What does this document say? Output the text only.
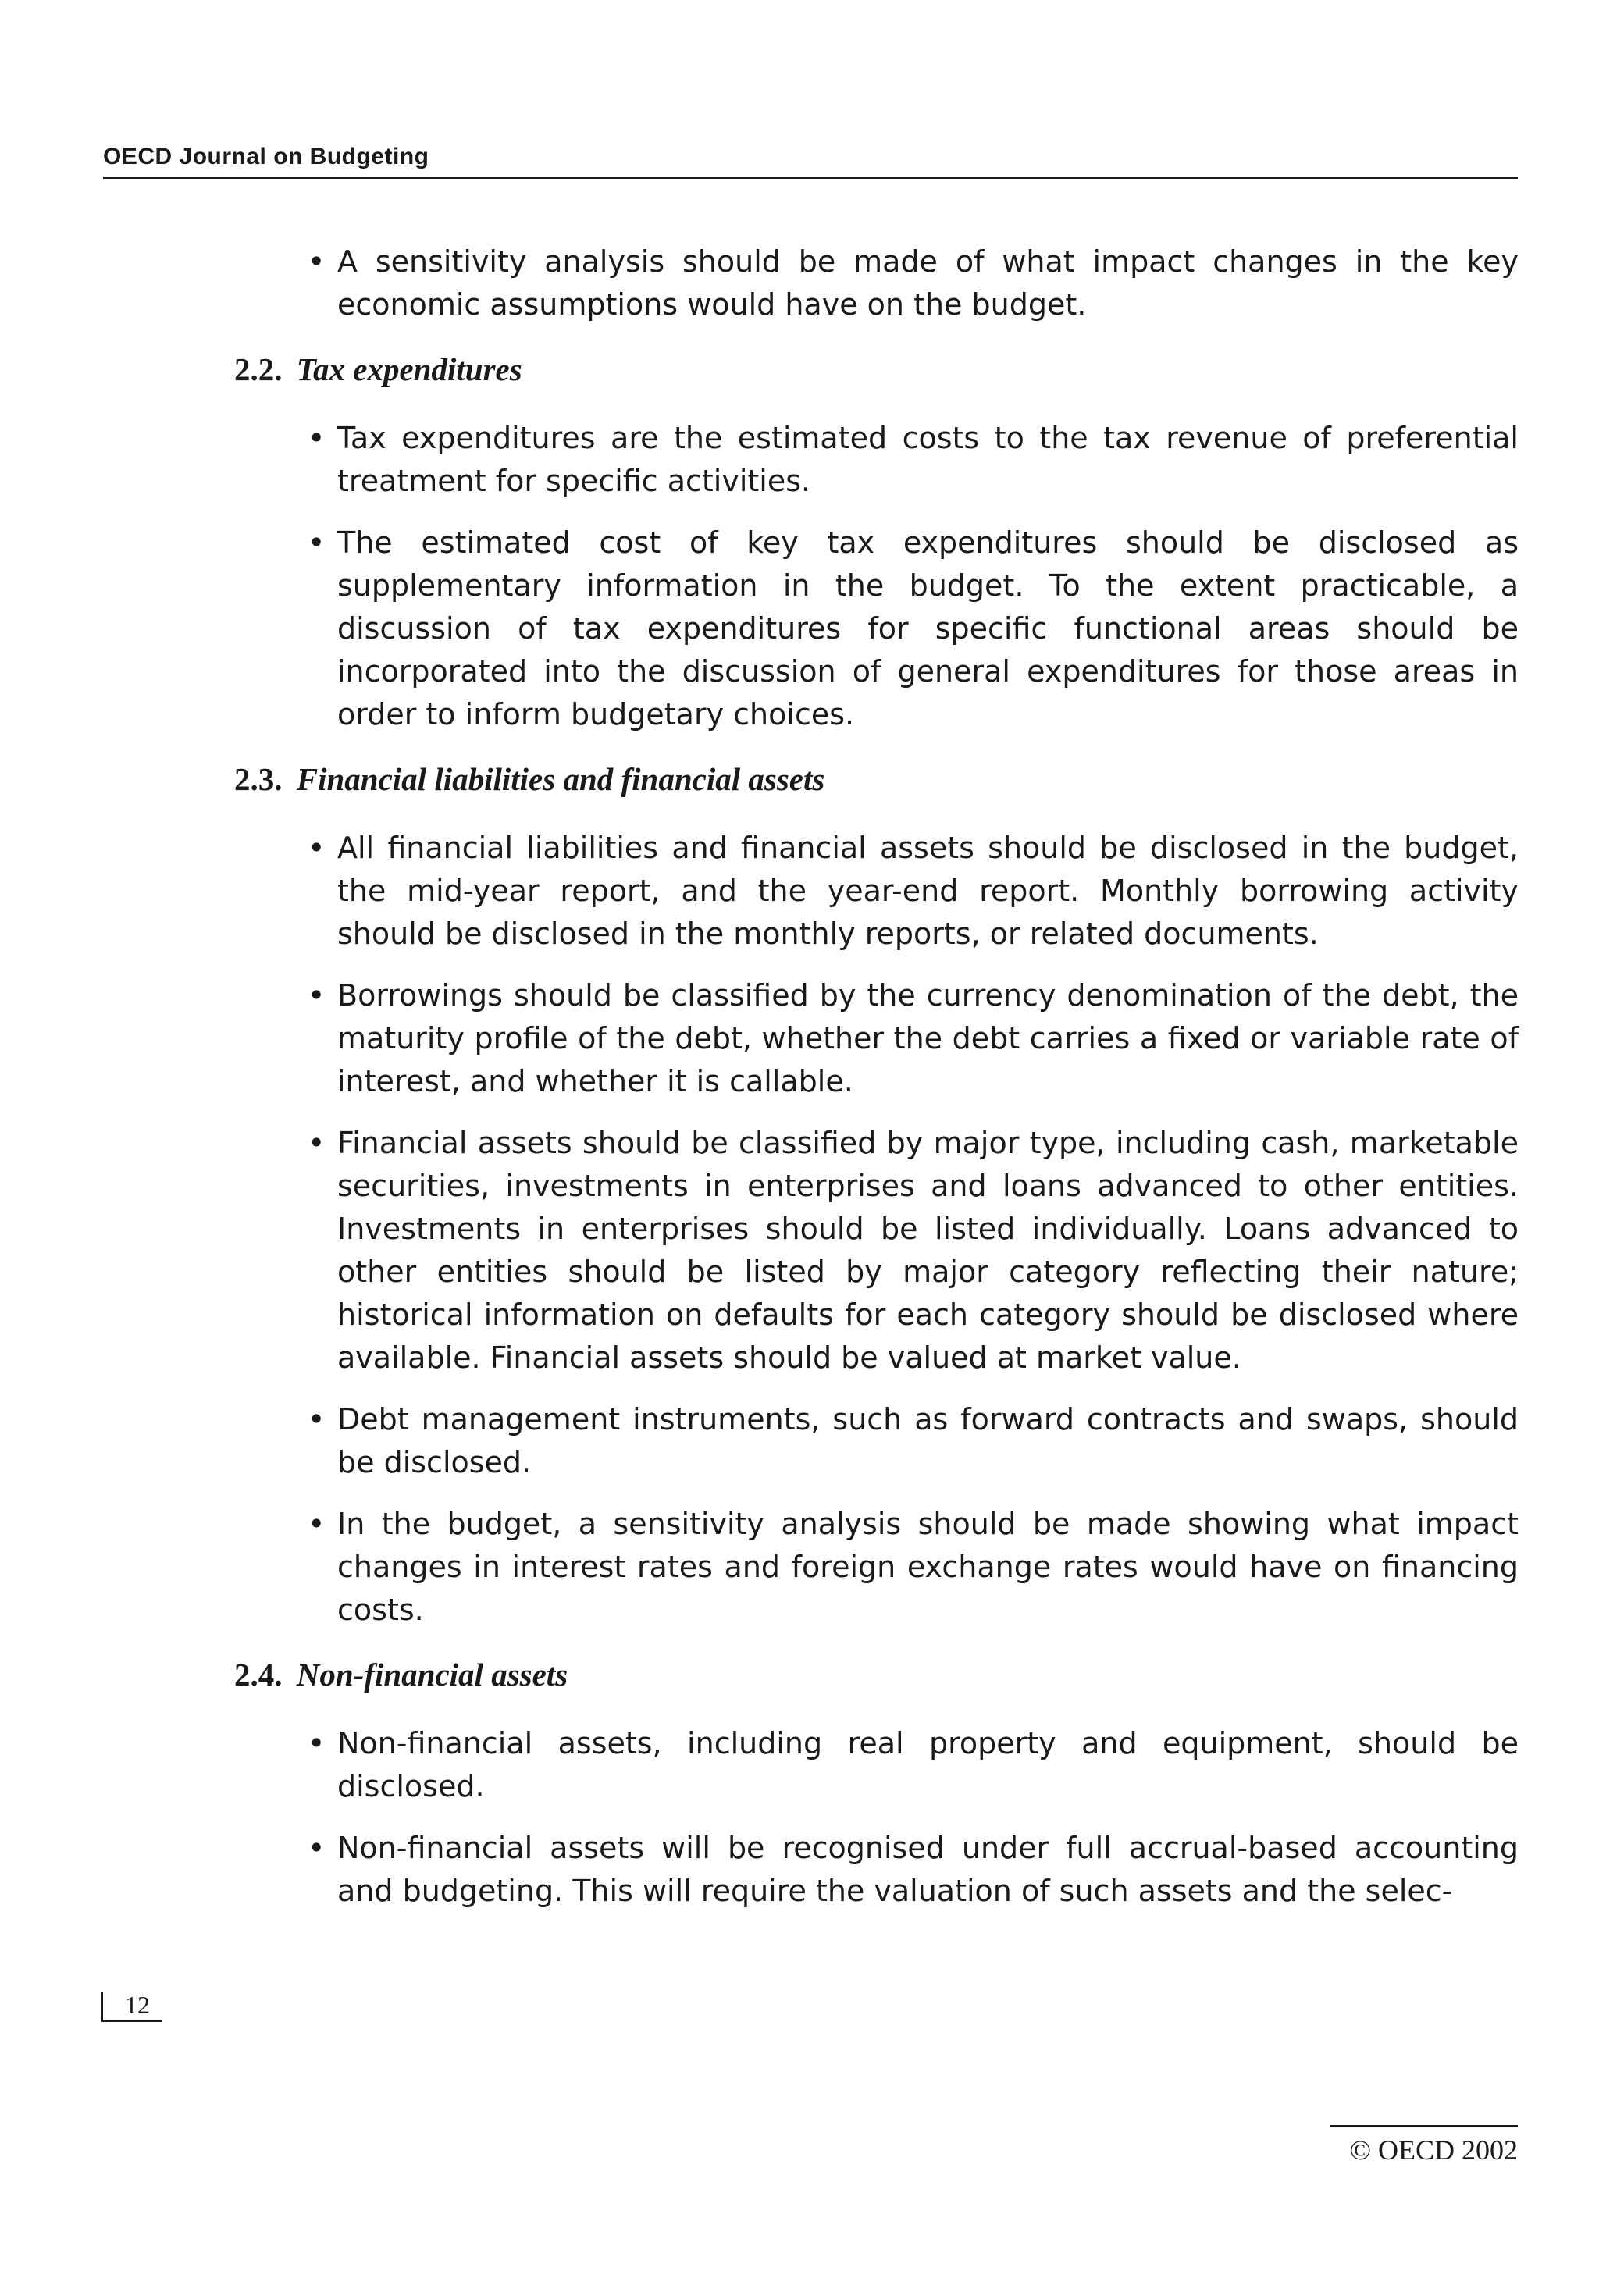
OECD Journal on Budgeting
• A sensitivity analysis should be made of what impact changes in the key economic assumptions would have on the budget.
2.2. Tax expenditures
• Tax expenditures are the estimated costs to the tax revenue of preferential treatment for specific activities.
• The estimated cost of key tax expenditures should be disclosed as supplementary information in the budget. To the extent practicable, a discussion of tax expenditures for specific functional areas should be incorporated into the discussion of general expenditures for those areas in order to inform budgetary choices.
2.3. Financial liabilities and financial assets
• All financial liabilities and financial assets should be disclosed in the budget, the mid-year report, and the year-end report. Monthly borrowing activity should be disclosed in the monthly reports, or related documents.
• Borrowings should be classified by the currency denomination of the debt, the maturity profile of the debt, whether the debt carries a fixed or variable rate of interest, and whether it is callable.
• Financial assets should be classified by major type, including cash, marketable securities, investments in enterprises and loans advanced to other entities. Investments in enterprises should be listed individually. Loans advanced to other entities should be listed by major category reflecting their nature; historical information on defaults for each category should be disclosed where available. Financial assets should be valued at market value.
• Debt management instruments, such as forward contracts and swaps, should be disclosed.
• In the budget, a sensitivity analysis should be made showing what impact changes in interest rates and foreign exchange rates would have on financing costs.
2.4. Non-financial assets
• Non-financial assets, including real property and equipment, should be disclosed.
• Non-financial assets will be recognised under full accrual-based accounting and budgeting. This will require the valuation of such assets and the selec-
12
© OECD 2002
